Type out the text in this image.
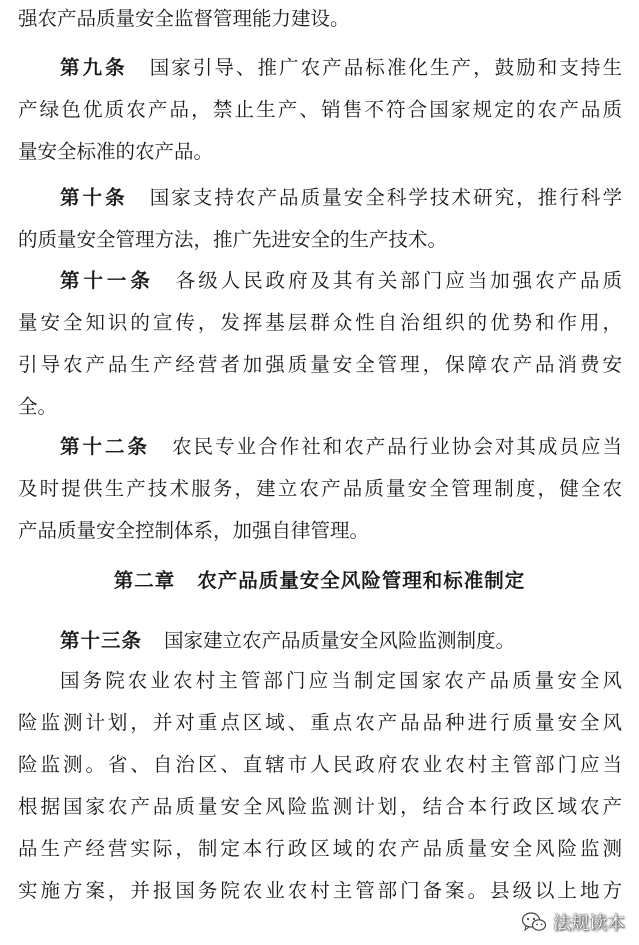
强农产品质量安全监督管理能力建设。
第九条 国家引导、推广农产品标准化生产，鼓励和支持生
产绿色优质农产品，禁止生产、销售不符合国家规定的农产品质
量安全标准的农产品。
第十条 国家支持农产品质量安全科学技术研究，推行科学
的质量安全管理方法，推广先进安全的生产技术。
第十一条 各级人民政府及其有关部门应当加强农产品质
量安全知识的宣传，发挥基层群众性自治组织的优势和作用，
引导农产品生产经营者加强质量安全管理，保障农产品消费安
全。
第十二条 农民专业合作社和农产品行业协会对其成员应当
及时提供生产技术服务，建立农产品质量安全管理制度，健全农
产品质量安全控制体系，加强自律管理。
第二章 农产品质量安全风险管理和标准制定
第十三条 国家建立农产品质量安全风险监测制度。
国务院农业农村主管部门应当制定国家农产品质量安全风
险监测计划，并对重点区域、重点农产品品种进行质量安全风
险监测。省、自治区、直辖市人民政府农业农村主管部门应当
根据国家农产品质量安全风险监测计划，结合本行政区域农产
品生产经营实际，制定本行政区域的农产品质量安全风险监测
实施方案，并报国务院农业农村主管部门备案。县级以上地方
法规读本
